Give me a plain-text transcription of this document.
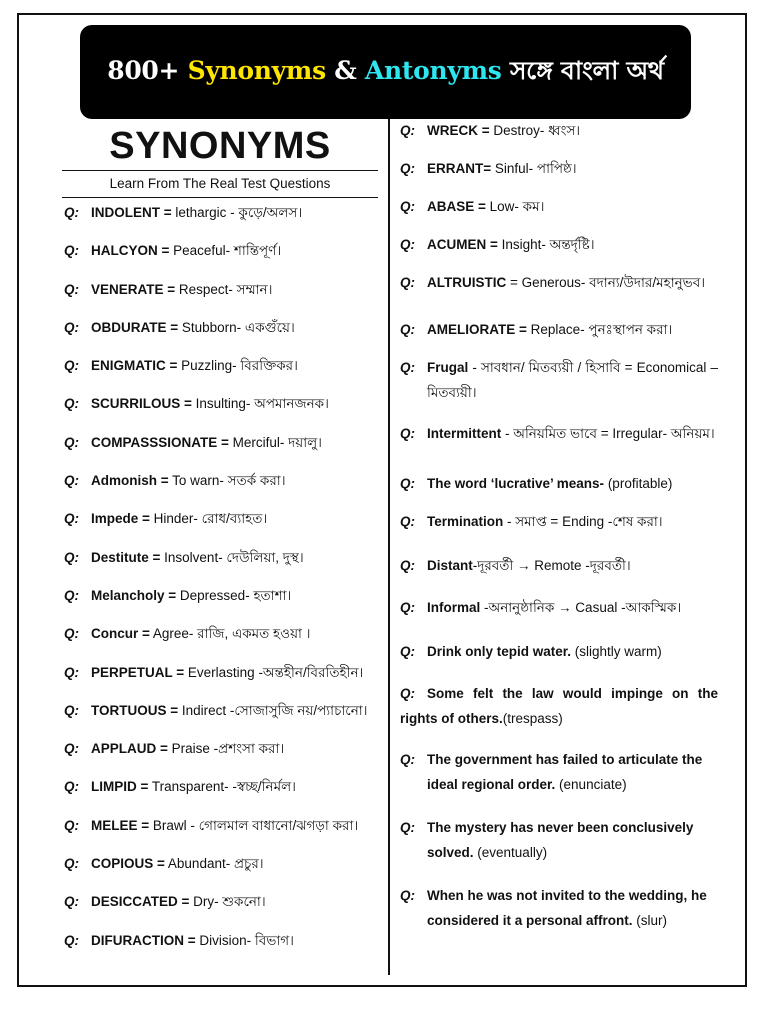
800+ Synonyms & Antonyms সঙ্গে বাংলা অর্থ
SYNONYMS
Learn From The Real Test Questions
Q: INDOLENT = lethargic - কুড়ে/অলস।
Q: HALCYON = Peaceful- শান্তিপূর্ণ।
Q: VENERATE = Respect- সম্মান।
Q: OBDURATE = Stubborn- একগুঁয়ে।
Q: ENIGMATIC = Puzzling- বিরক্তিকর।
Q: SCURRILOUS = Insulting- অপমানজনক।
Q: COMPASSSIONATE = Merciful- দয়ালু।
Q: Admonish = To warn- সতর্ক করা।
Q: Impede = Hinder- রোধ/ব্যাহত।
Q: Destitute = Insolvent- দেউলিয়া, দুস্থ।
Q: Melancholy = Depressed- হতাশা।
Q: Concur = Agree- রাজি, একমত হওয়া ।
Q: PERPETUAL = Everlasting -অন্তহীন/বিরতিহীন।
Q: TORTUOUS = Indirect -সোজাসুজি নয়/প্যাচানো।
Q: APPLAUD = Praise -প্রশংসা করা।
Q: LIMPID = Transparent- -স্বচ্ছ/নির্মল।
Q: MELEE = Brawl - গোলমাল বাধানো/ঝগড়া করা।
Q: COPIOUS = Abundant- প্রচুর।
Q: DESICCATED = Dry- শুকনো।
Q: DIFURACTION = Division- বিভাগ।
Q: WRECK = Destroy- ধ্বংস।
Q: ERRANT= Sinful- পাপিষ্ঠ।
Q: ABASE = Low- কম।
Q: ACUMEN = Insight- অন্তর্দৃষ্টি।
Q: ALTRUISTIC = Generous- বদান্য/উদার/মহানুভব।
Q: AMELIORATE = Replace- পুনঃস্থাপন করা।
Q: Frugal - সাবধান/ মিতব্যয়ী / হিসাবি = Economical – মিতব্যয়ী।
Q: Intermittent - অনিয়মিত ভাবে = Irregular- অনিয়ম।
Q: The word ‘lucrative’ means- (profitable)
Q: Termination - সমাপ্ত = Ending -শেষ করা।
Q: Distant-দূরবর্তী → Remote -দূরবর্তী।
Q: Informal -অনানুষ্ঠানিক → Casual -আকস্মিক।
Q: Drink only tepid water. (slightly warm)
Q: Some felt the law would impinge on the rights of others.(trespass)
Q: The government has failed to articulate the ideal regional order. (enunciate)
Q: The mystery has never been conclusively solved. (eventually)
Q: When he was not invited to the wedding, he considered it a personal affront. (slur)
